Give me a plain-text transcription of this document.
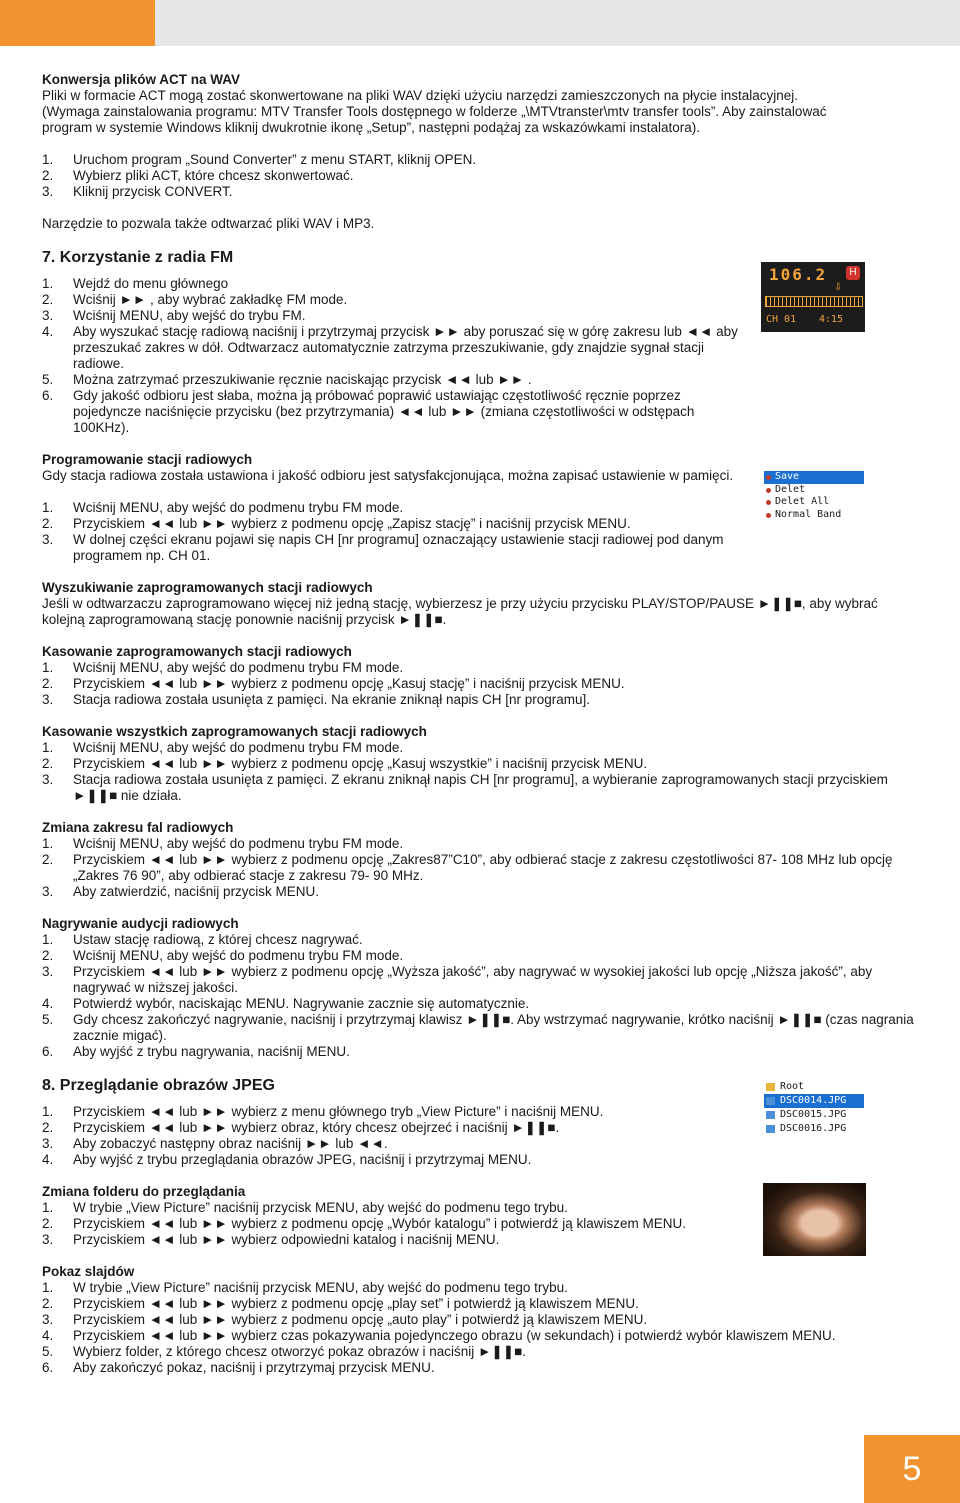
Konwersja plików ACT na WAV

Pliki w formacie ACT mogą zostać skonwertowane na pliki WAV dzięki użyciu narzędzi zamieszczonych na płycie instalacyjnej.

(Wymaga zainstalowania programu: MTV Transfer Tools dostępnego w folderze „\MTVtranster\mtv transfer tools”. Aby zainstalować

program w systemie Windows kliknij dwukrotnie ikonę „Setup”, następni podążaj za wskazówkami instalatora).

1.	Uruchom program „Sound Converter” z menu START, kliknij OPEN.
2.	Wybierz pliki ACT, które chcesz skonwertować.
3.	Kliknij przycisk CONVERT.

Narzędzie to pozwala także odtwarzać pliki WAV i MP3.

7. Korzystanie z radia FM

1.	Wejdź do menu głównego
2.	Wciśnij ►► , aby wybrać zakładkę FM mode.
3.	Wciśnij MENU, aby wejść do trybu FM.
4.	Aby wyszukać stację radiową naciśnij i przytrzymaj przycisk ►► aby poruszać się w górę zakresu lub ◄◄ aby przeszukać zakres w dół. Odtwarzacz automatycznie zatrzyma przeszukiwanie, gdy znajdzie sygnał stacji radiowe.
5.	Można zatrzymać przeszukiwanie ręcznie naciskając przycisk ◄◄ lub ►► .
6.	Gdy jakość odbioru jest słaba, można ją próbować poprawić ustawiając częstotliwość ręcznie poprzez pojedyncze naciśnięcie przycisku (bez przytrzymania) ◄◄ lub ►► (zmiana częstotliwości w odstępach 100KHz).

Programowanie stacji radiowych

Gdy stacja radiowa została ustawiona i jakość odbioru jest satysfakcjonująca, można zapisać ustawienie w pamięci.

1.	Wciśnij MENU, aby wejść do podmenu trybu FM mode.
2.	Przyciskiem ◄◄ lub ►► wybierz z podmenu opcję „Zapisz stację” i naciśnij przycisk MENU.
3.	W dolnej części ekranu pojawi się napis CH [nr programu] oznaczający ustawienie stacji radiowej pod danym programem np. CH 01.

Wyszukiwanie zaprogramowanych stacji radiowych

Jeśli w odtwarzaczu zaprogramowano więcej niż jedną stację, wybierzesz je przy użyciu przycisku PLAY/STOP/PAUSE ►❚❚■, aby wybrać kolejną zaprogramowaną stację ponownie naciśnij przycisk ►❚❚■.

Kasowanie zaprogramowanych stacji radiowych

1.	Wciśnij MENU, aby wejść do podmenu trybu FM mode.
2.	Przyciskiem ◄◄ lub ►► wybierz z podmenu opcję „Kasuj stację” i naciśnij przycisk MENU.
3.	Stacja radiowa została usunięta z pamięci. Na ekranie zniknął napis CH [nr programu].

Kasowanie wszystkich zaprogramowanych stacji radiowych

1.	Wciśnij MENU, aby wejść do podmenu trybu FM mode.
2.	Przyciskiem ◄◄ lub ►► wybierz z podmenu opcję „Kasuj wszystkie” i naciśnij przycisk MENU.
3.	Stacja radiowa została usunięta z pamięci. Z ekranu zniknął napis CH [nr programu], a wybieranie zaprogramowanych stacji przyciskiem ►❚❚■ nie działa.

Zmiana zakresu fal radiowych

1.	Wciśnij MENU, aby wejść do podmenu trybu FM mode.
2.	Przyciskiem ◄◄ lub ►► wybierz z podmenu opcję „Zakres87”C10”, aby odbierać stacje z zakresu częstotliwości 87- 108 MHz lub opcję „Zakres 76 90”, aby odbierać stacje z zakresu 79- 90 MHz.
3.	Aby zatwierdzić, naciśnij przycisk MENU.

Nagrywanie audycji radiowych

1.	Ustaw stację radiową, z której chcesz nagrywać.
2.	Wciśnij MENU, aby wejść do podmenu trybu FM mode.
3.	Przyciskiem ◄◄ lub ►► wybierz z podmenu opcję „Wyższa jakość”, aby nagrywać w wysokiej jakości lub opcję „Niższa jakość”, aby nagrywać w niższej jakości.
4.	Potwierdź wybór, naciskając MENU. Nagrywanie zacznie się automatycznie.
5.	Gdy chcesz zakończyć nagrywanie, naciśnij i przytrzymaj klawisz ►❚❚■. Aby wstrzymać nagrywanie, krótko naciśnij ►❚❚■ (czas nagrania zacznie migać).
6.	Aby wyjść z trybu nagrywania, naciśnij MENU.

8. Przeglądanie obrazów JPEG

1.	Przyciskiem ◄◄ lub ►► wybierz z menu głównego tryb „View Picture” i naciśnij MENU.
2.	Przyciskiem ◄◄ lub ►► wybierz obraz, który chcesz obejrzeć i naciśnij ►❚❚■.
3.	Aby zobaczyć następny obraz naciśnij ►► lub ◄◄.
4.	Aby wyjść z trybu przeglądania obrazów JPEG, naciśnij i przytrzymaj MENU.

Zmiana folderu do przeglądania

1.	W trybie „View Picture” naciśnij przycisk MENU, aby wejść do podmenu tego trybu.
2.	Przyciskiem ◄◄ lub ►► wybierz z podmenu opcję „Wybór katalogu” i potwierdź ją klawiszem MENU.
3.	Przyciskiem ◄◄ lub ►► wybierz odpowiedni katalog i naciśnij MENU.

Pokaz slajdów

1.	W trybie „View Picture” naciśnij przycisk MENU, aby wejść do podmenu tego trybu.
2.	Przyciskiem ◄◄ lub ►► wybierz z podmenu opcję „play set” i potwierdź ją klawiszem MENU.
3.	Przyciskiem ◄◄ lub ►► wybierz z podmenu opcję „auto play” i potwierdź ją klawiszem MENU.
4.	Przyciskiem ◄◄ lub ►► wybierz czas pokazywania pojedynczego obrazu (w sekundach) i potwierdź wybór klawiszem MENU.
5.	Wybierz folder, z którego chcesz otworzyć pokaz obrazów i naciśnij ►❚❚■.
6.	Aby zakończyć pokaz, naciśnij i przytrzymaj przycisk MENU.
106.2	H
⇩
CH 01 4:15
Save
Delet
Delet All
Normal Band
Root
DSC0014.JPG
DSC0015.JPG
DSC0016.JPG
5
